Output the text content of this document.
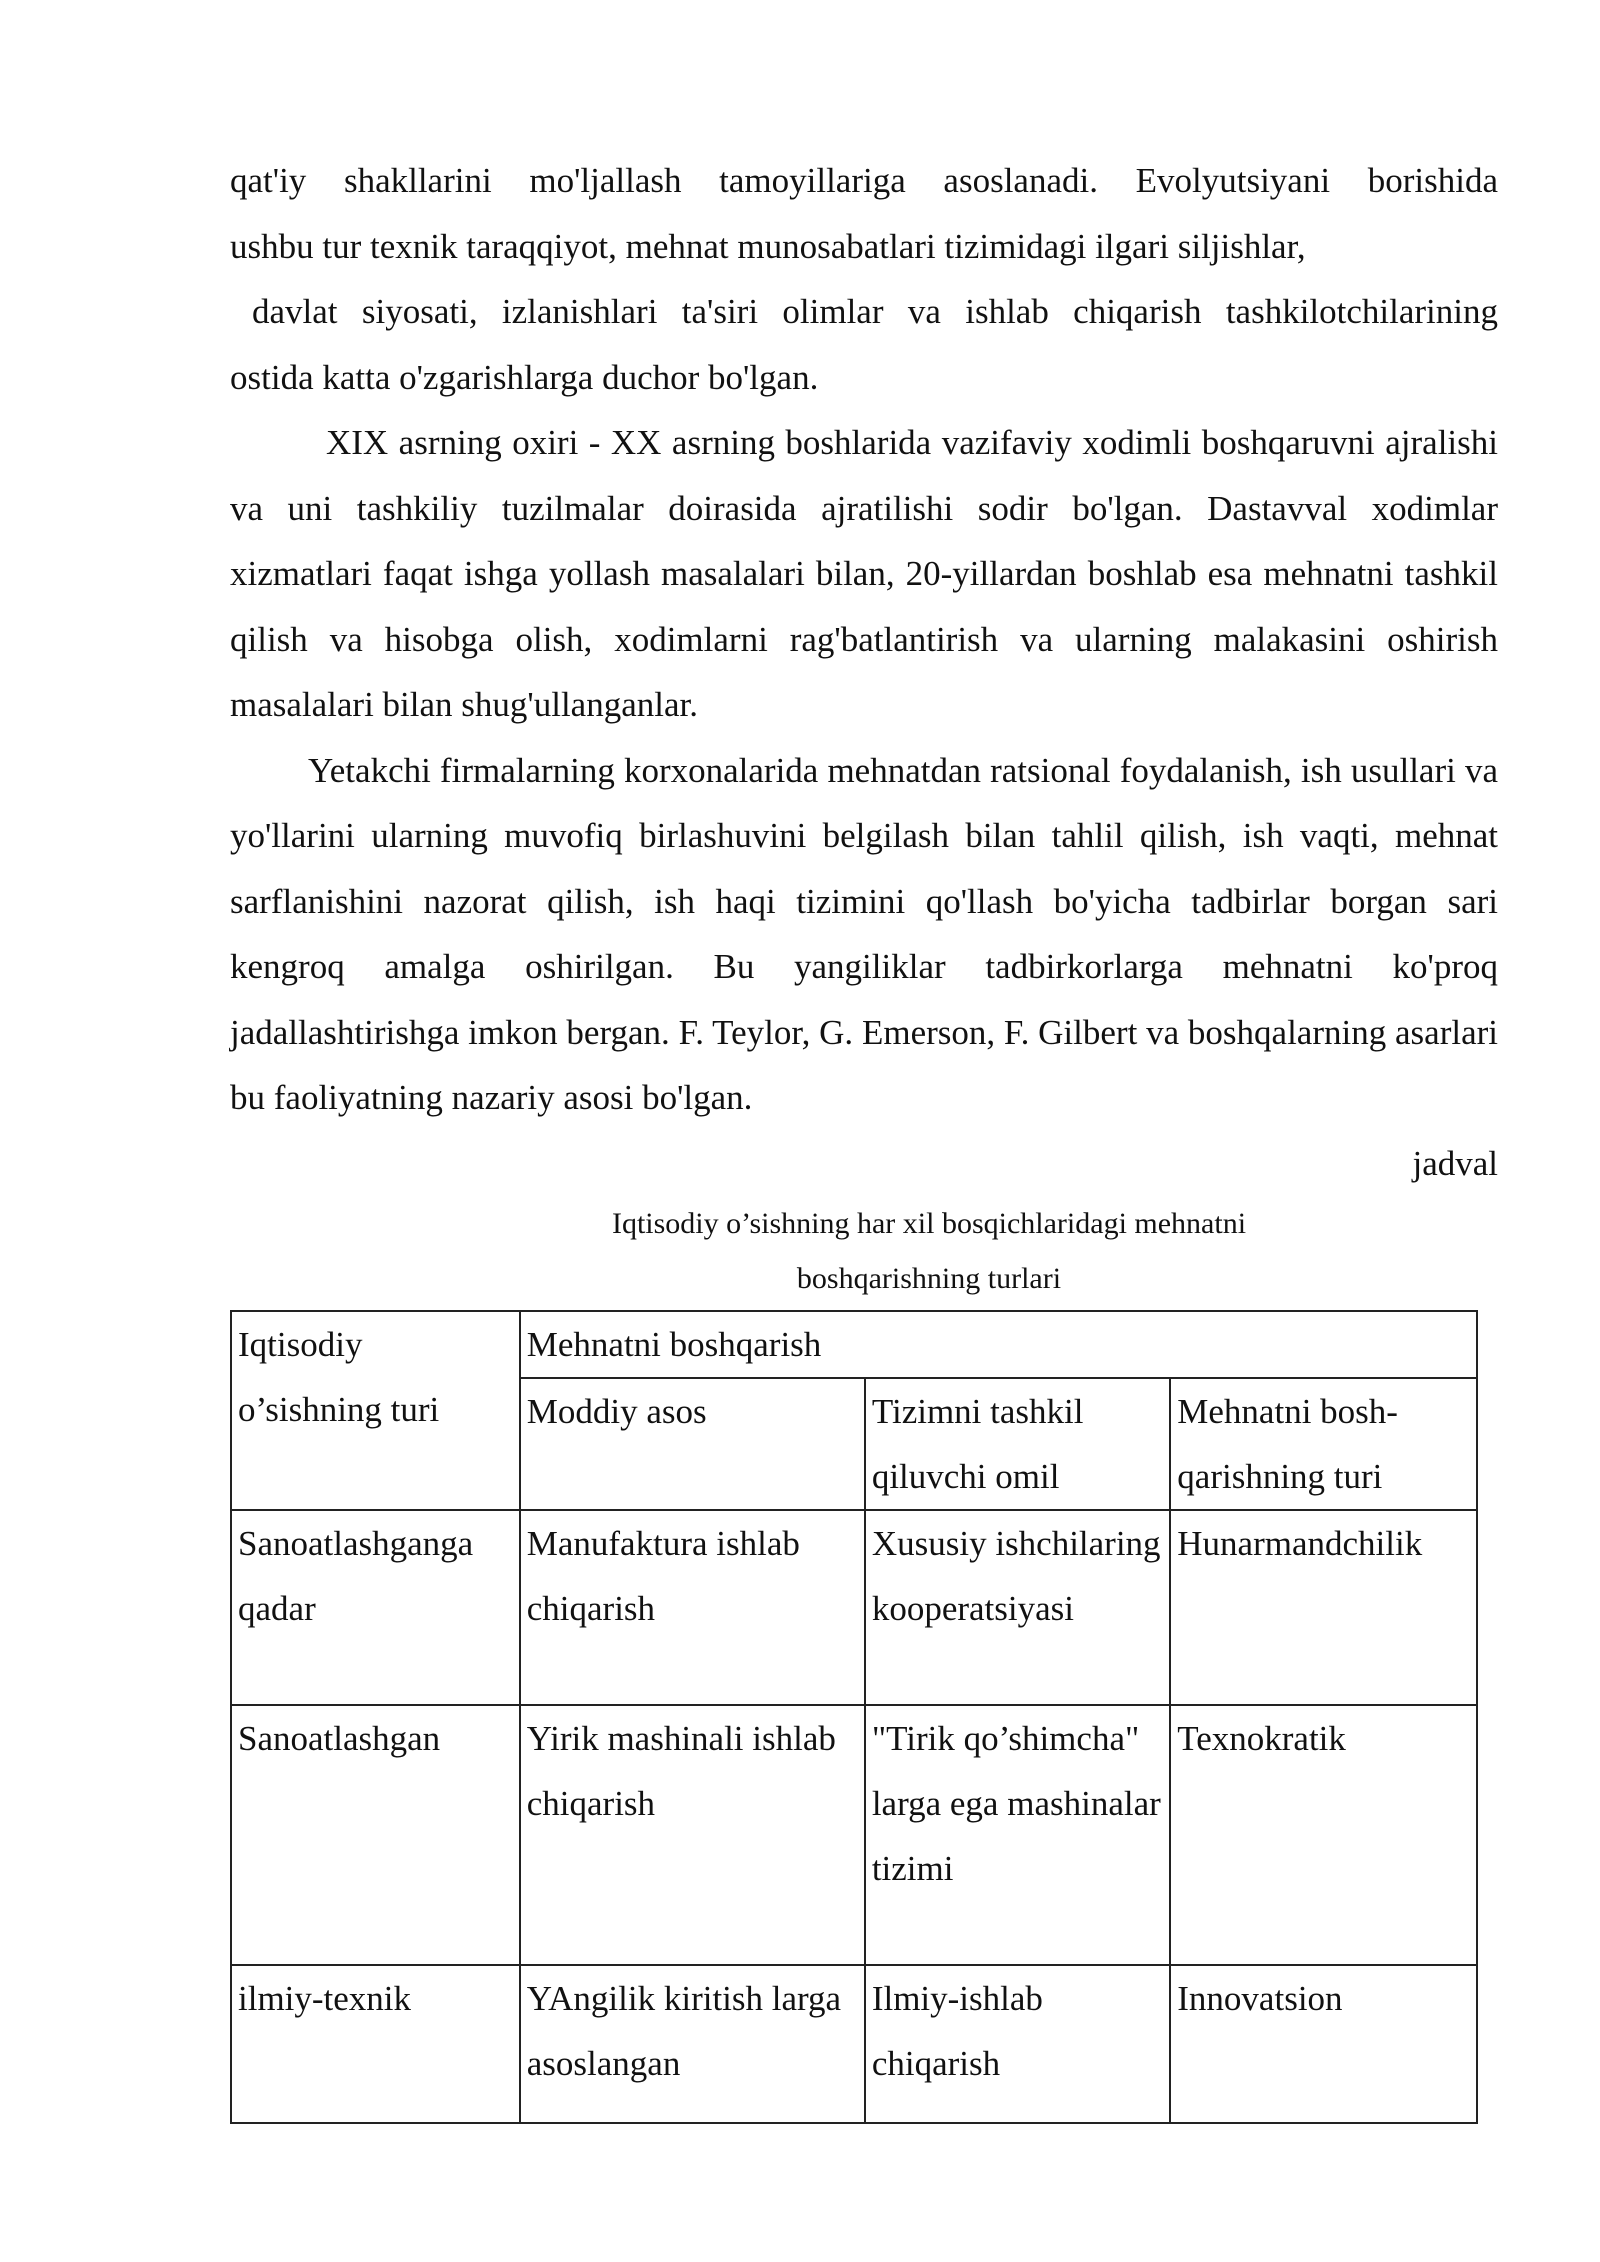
qat'iy shakllarini mo'ljallash tamoyillariga asoslanadi. Evolyutsiyani borishida
ushbu tur texnik taraqqiyot, mehnat munosabatlari tizimidagi ilgari siljishlar,
davlat siyosati, izlanishlari ta'siri olimlar va ishlab chiqarish tashkilotchilarining
ostida katta o'zgarishlarga duchor bo'lgan.

XIX asrning oxiri - XX asrning boshlarida vazifaviy xodimli boshqaruvni ajralishi va uni tashkiliy tuzilmalar doirasida ajratilishi sodir bo'lgan. Dastavval xodimlar xizmatlari faqat ishga yollash masalalari bilan, 20-yillardan boshlab esa mehnatni tashkil qilish va hisobga olish, xodimlarni rag'batlantirish va ularning malakasini oshirish masalalari bilan shug'ullanganlar.

Yetakchi firmalarning korxonalarida mehnatdan ratsional foydalanish, ish usullari va yo'llarini ularning muvofiq birlashuvini belgilash bilan tahlil qilish, ish vaqti, mehnat sarflanishini nazorat qilish, ish haqi tizimini qo'llash bo'yicha tadbirlar borgan sari kengroq amalga oshirilgan. Bu yangiliklar tadbirkorlarga mehnatni ko'proq jadallashtirishga imkon bergan. F. Teylor, G. Emerson, F. Gilbert va boshqalarning asarlari bu faoliyatning nazariy asosi bo'lgan.

jadval

Iqtisodiy o’sishning har xil bosqichlaridagi mehnatni

boshqarishning turlari

Iqtisodiy o’sishning turi	Mehnatni boshqarish		
	Moddiy asos	Tizimni tashkil qiluvchi omil	Mehnatni bosh-qarishning turi
Sanoatlashganga qadar	Manufaktura ishlab chiqarish	Xususiy ishchilaring kooperatsiyasi	Hunarmandchilik
Sanoatlashgan	Yirik mashinali ishlab chiqarish	"Tirik qo’shimcha" larga ega mashinalar tizimi	Texnokratik
ilmiy-texnik	YAngilik kiritish larga asoslangan	Ilmiy-ishlab chiqarish	Innovatsion
